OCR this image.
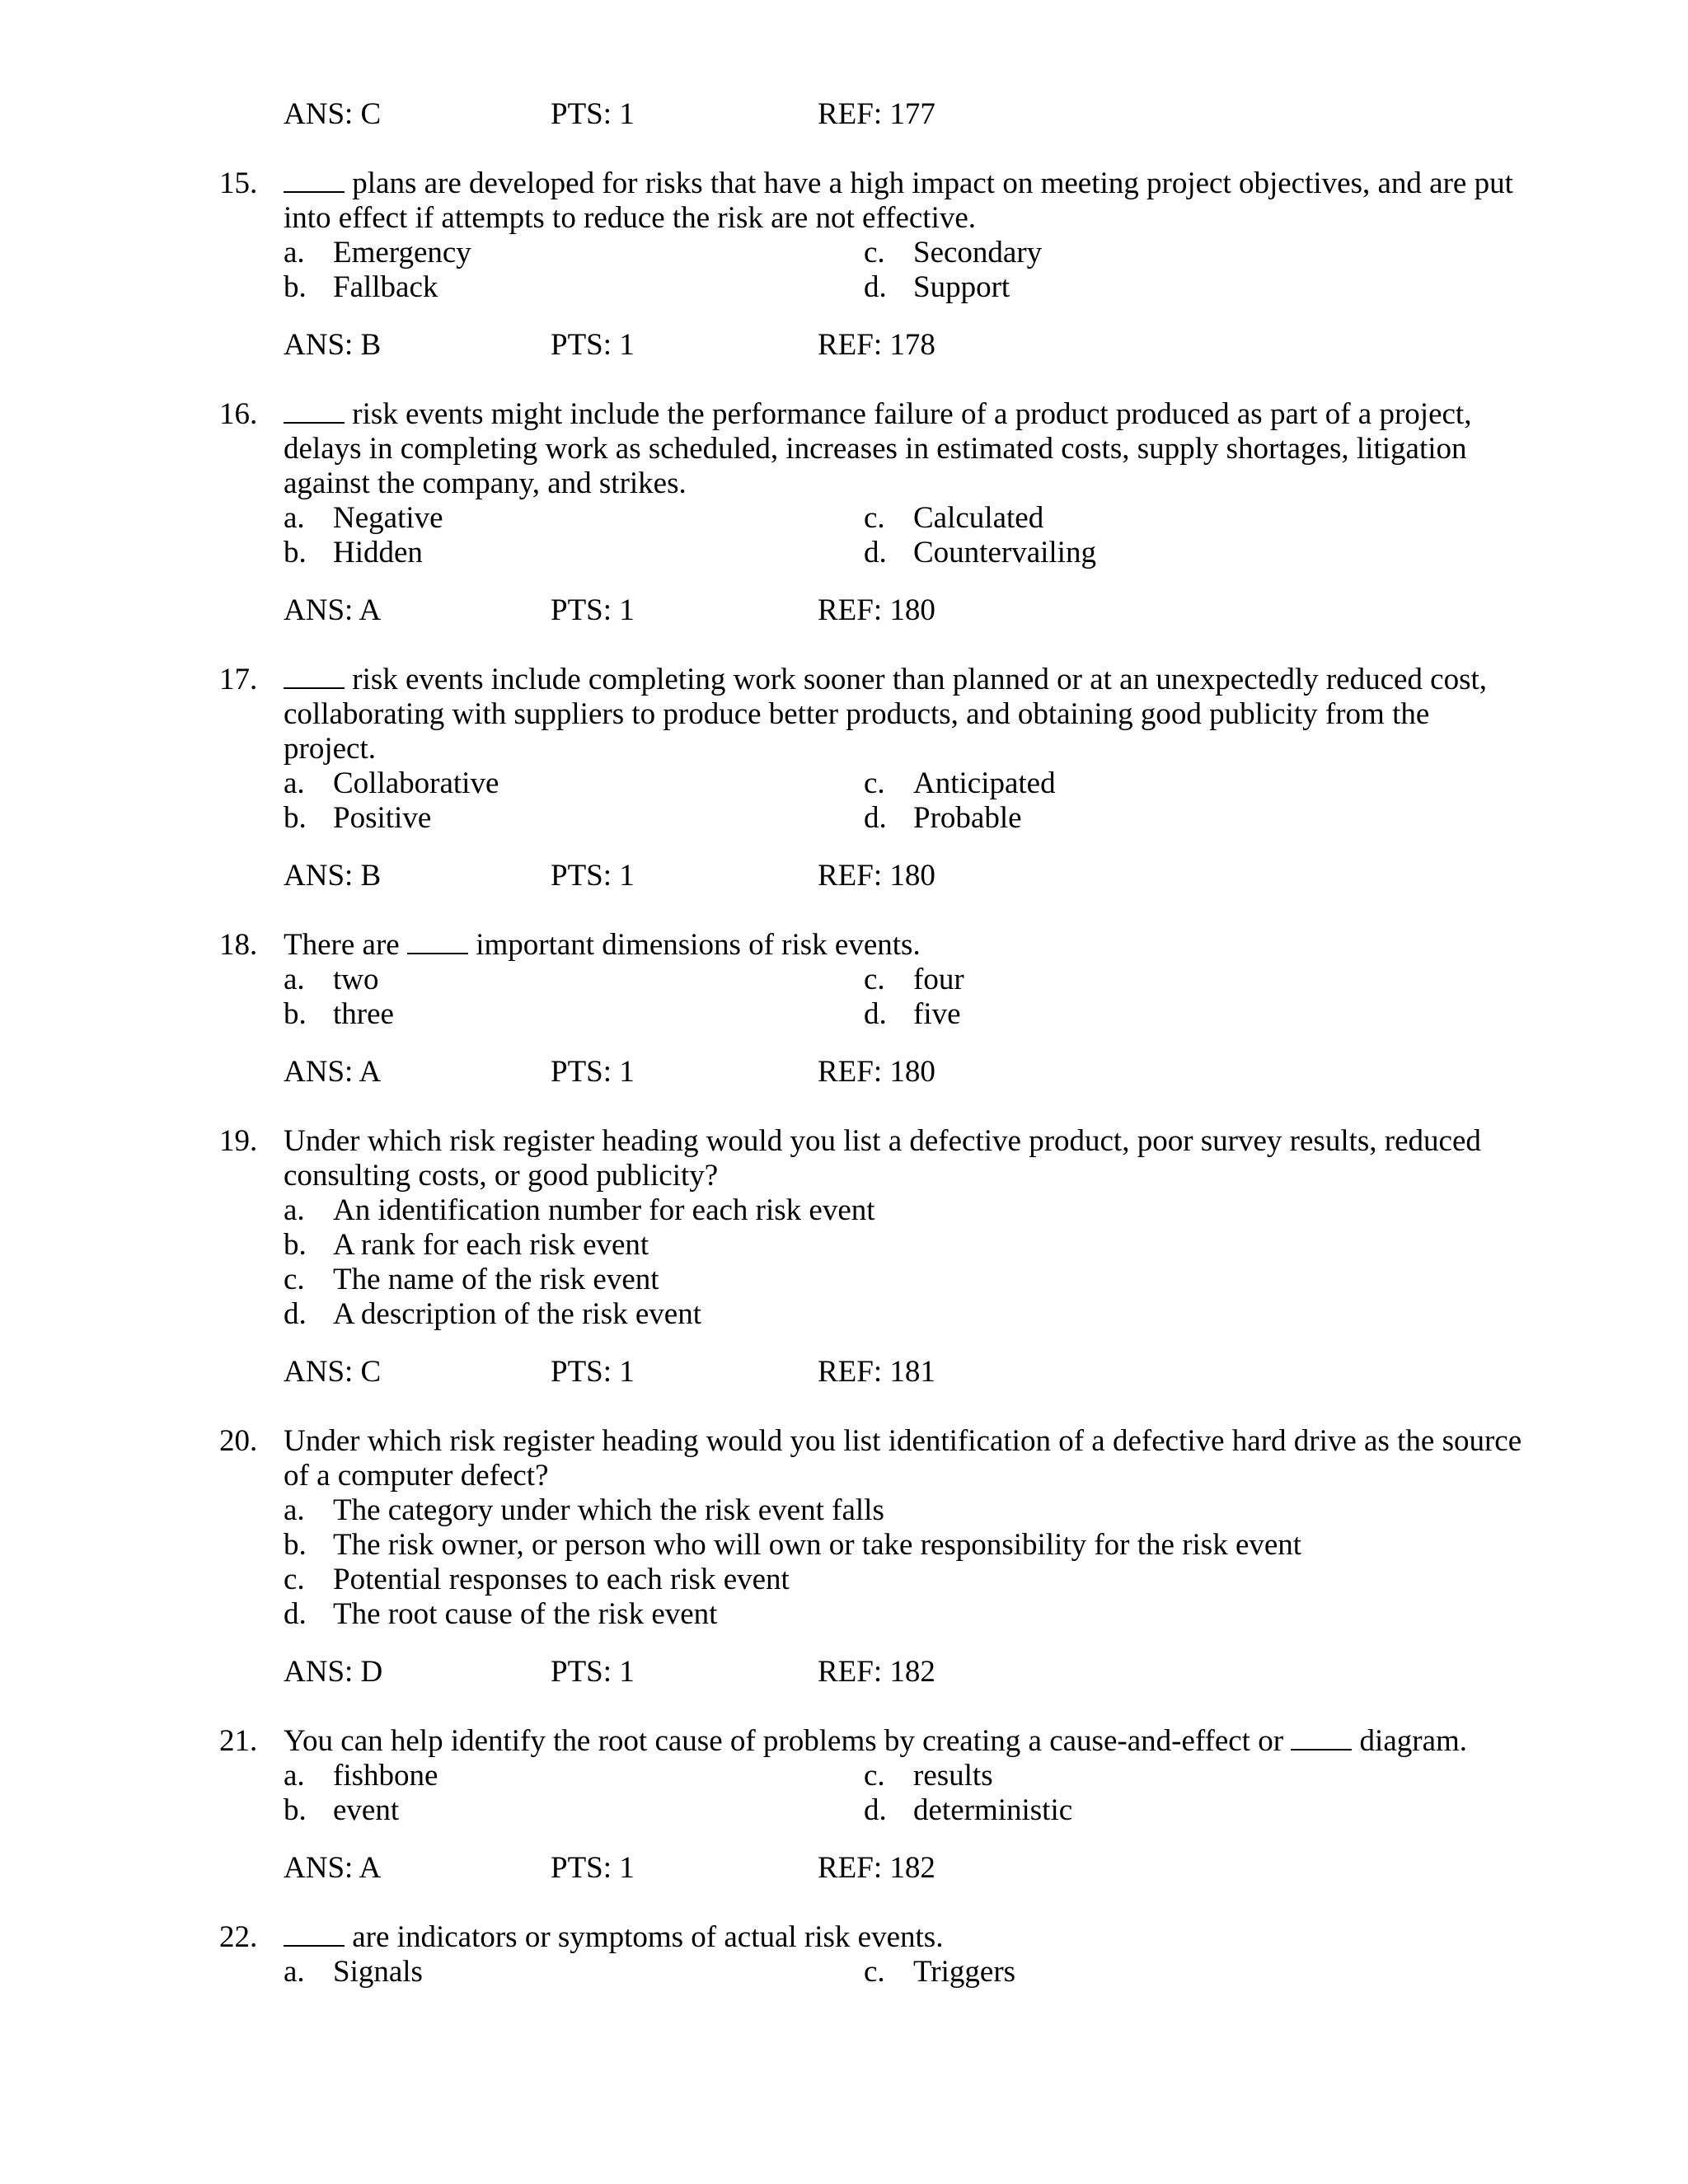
ANS: C	PTS: 1	REF: 177
15.	plans are developed for risks that have a high impact on meeting project objectives, and are put into effect if attempts to reduce the risk are not effective.
a. Emergency	c. Secondary
b. Fallback	d. Support
ANS: B	PTS: 1	REF: 178
16.	risk events might include the performance failure of a product produced as part of a project, delays in completing work as scheduled, increases in estimated costs, supply shortages, litigation against the company, and strikes.
a. Negative	c. Calculated
b. Hidden	d. Countervailing
ANS: A	PTS: 1	REF: 180
17.	risk events include completing work sooner than planned or at an unexpectedly reduced cost, collaborating with suppliers to produce better products, and obtaining good publicity from the project.
a. Collaborative	c. Anticipated
b. Positive	d. Probable
ANS: B	PTS: 1	REF: 180
18. There are	important dimensions of risk events.
a. two	c. four
b. three	d. five
ANS: A	PTS: 1	REF: 180
19. Under which risk register heading would you list a defective product, poor survey results, reduced consulting costs, or good publicity?
a. An identification number for each risk event
b. A rank for each risk event
c. The name of the risk event
d. A description of the risk event
ANS: C	PTS: 1	REF: 181
20. Under which risk register heading would you list identification of a defective hard drive as the source of a computer defect?
a. The category under which the risk event falls
b. The risk owner, or person who will own or take responsibility for the risk event
c. Potential responses to each risk event
d. The root cause of the risk event
ANS: D	PTS: 1	REF: 182
21. You can help identify the root cause of problems by creating a cause-and-effect or	diagram.
a. fishbone	c. results
b. event	d. deterministic
ANS: A	PTS: 1	REF: 182
22.	are indicators or symptoms of actual risk events.
a. Signals	c. Triggers
